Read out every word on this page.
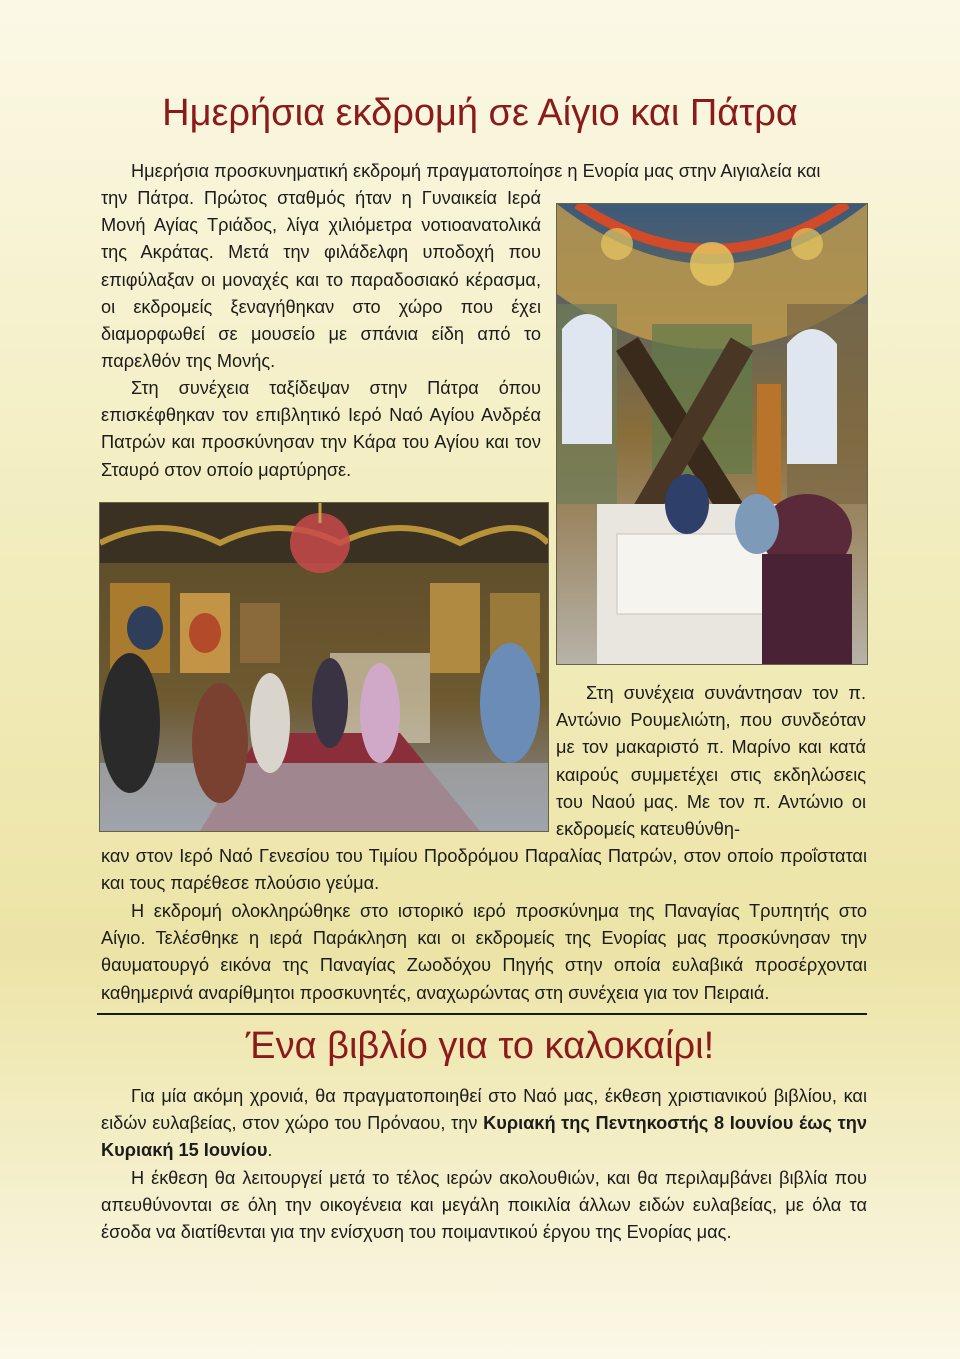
Ημερήσια εκδρομή σε Αίγιο και Πάτρα

Ημερήσια προσκυνηματική εκδρομή πραγματοποίησε η Ενορία μας στην Αιγιαλεία και

την Πάτρα. Πρώτος σταθμός ήταν η Γυναικεία Ιερά Μονή Αγίας Τριάδος, λίγα χιλιόμετρα νοτιοανατολικά της Ακράτας. Μετά την φιλάδελφη υποδοχή που επιφύλαξαν οι μοναχές και το παραδοσιακό κέρασμα, οι εκδρομείς ξεναγήθηκαν στο χώρο που έχει διαμορφωθεί σε μουσείο με σπάνια είδη από το παρελθόν της Μονής.

Στη συνέχεια ταξίδεψαν στην Πάτρα όπου επισκέφθηκαν τον επιβλητικό Ιερό Ναό Αγίου Ανδρέα Πατρών και προσκύνησαν την Κάρα του Αγίου και τον Σταυρό στον οποίο μαρτύρησε.

Στη συνέχεια συνάντησαν τον π. Αντώνιο Ρουμελιώτη, που συνδεόταν με τον μακαριστό π. Μαρίνο και κατά καιρούς συμμετέχει στις εκδηλώσεις του Ναού μας. Με τον π. Αντώνιο οι εκδρομείς κατευθύνθη-

καν στον Ιερό Ναό Γενεσίου του Τιμίου Προδρόμου Παραλίας Πατρών, στον οποίο προΐσταται και τους παρέθεσε πλούσιο γεύμα.

Η εκδρομή ολοκληρώθηκε στο ιστορικό ιερό προσκύνημα της Παναγίας Τρυπητής στο Αίγιο. Τελέσθηκε η ιερά Παράκληση και οι εκδρομείς της Ενορίας μας προσκύνησαν την θαυματουργό εικόνα της Παναγίας Ζωοδόχου Πηγής στην οποία ευλαβικά προσέρχονται καθημερινά αναρίθμητοι προσκυνητές, αναχωρώντας στη συνέχεια για τον Πειραιά.

Ένα βιβλίο για το καλοκαίρι!

Για μία ακόμη χρονιά, θα πραγματοποιηθεί στο Ναό μας, έκθεση χριστιανικού βιβλίου, και ειδών ευλαβείας, στον χώρο του Πρόναου, την Κυριακή της Πεντηκοστής 8 Ιουνίου έως την Κυριακή 15 Ιουνίου.

Η έκθεση θα λειτουργεί μετά το τέλος ιερών ακολουθιών, και θα περιλαμβάνει βιβλία που απευθύνονται σε όλη την οικογένεια και μεγάλη ποικιλία άλλων ειδών ευλαβείας, με όλα τα έσοδα να διατίθενται για την ενίσχυση του ποιμαντικού έργου της Ενορίας μας.
